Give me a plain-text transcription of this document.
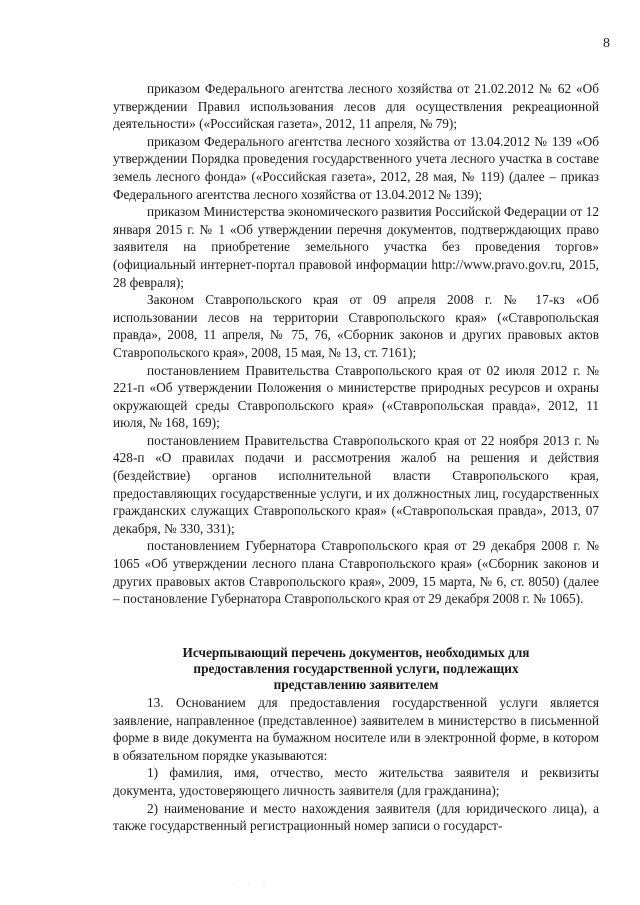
8

приказом Федерального агентства лесного хозяйства от 21.02.2012 № 62 «Об утверждении Правил использования лесов для осуществления рекреационной деятельности» («Российская газета», 2012, 11 апреля, № 79);

приказом Федерального агентства лесного хозяйства от 13.04.2012 № 139 «Об утверждении Порядка проведения государственного учета лесного участка в составе земель лесного фонда» («Российская газета», 2012, 28 мая, № 119) (далее – приказ Федерального агентства лесного хозяйства от 13.04.2012 № 139);

приказом Министерства экономического развития Российской Федерации от 12 января 2015 г. № 1 «Об утверждении перечня документов, подтверждающих право заявителя на приобретение земельного участка без проведения торгов» (официальный интернет-портал правовой информации http://www.pravo.gov.ru, 2015, 28 февраля);

Законом Ставропольского края от 09 апреля 2008 г. № 17-кз «Об использовании лесов на территории Ставропольского края» («Ставропольская правда», 2008, 11 апреля, № 75, 76, «Сборник законов и других правовых актов Ставропольского края», 2008, 15 мая, № 13, ст. 7161);

постановлением Правительства Ставропольского края от 02 июля 2012 г. № 221-п «Об утверждении Положения о министерстве природных ресурсов и охраны окружающей среды Ставропольского края» («Ставропольская правда», 2012, 11 июля, № 168, 169);

постановлением Правительства Ставропольского края от 22 ноября 2013 г. № 428-п «О правилах подачи и рассмотрения жалоб на решения и действия (бездействие) органов исполнительной власти Ставропольского края, предоставляющих государственные услуги, и их должностных лиц, государственных гражданских служащих Ставропольского края» («Ставропольская правда», 2013, 07 декабря, № 330, 331);

постановлением Губернатора Ставропольского края от 29 декабря 2008 г. № 1065 «Об утверждении лесного плана Ставропольского края» («Сборник законов и других правовых актов Ставропольского края», 2009, 15 марта, № 6, ст. 8050) (далее – постановление Губернатора Ставропольского края от 29 декабря 2008 г. № 1065).

Исчерпывающий перечень документов, необходимых для
предоставления государственной услуги, подлежащих
представлению заявителем

13. Основанием для предоставления государственной услуги является заявление, направленное (представленное) заявителем в министерство в письменной форме в виде документа на бумажном носителе или в электронной форме, в котором в обязательном порядке указываются:

1) фамилия, имя, отчество, место жительства заявителя и реквизиты документа, удостоверяющего личность заявителя (для гражданина);

2) наименование и место нахождения заявителя (для юридического лица), а также государственный регистрационный номер записи о государст-

· · ·
